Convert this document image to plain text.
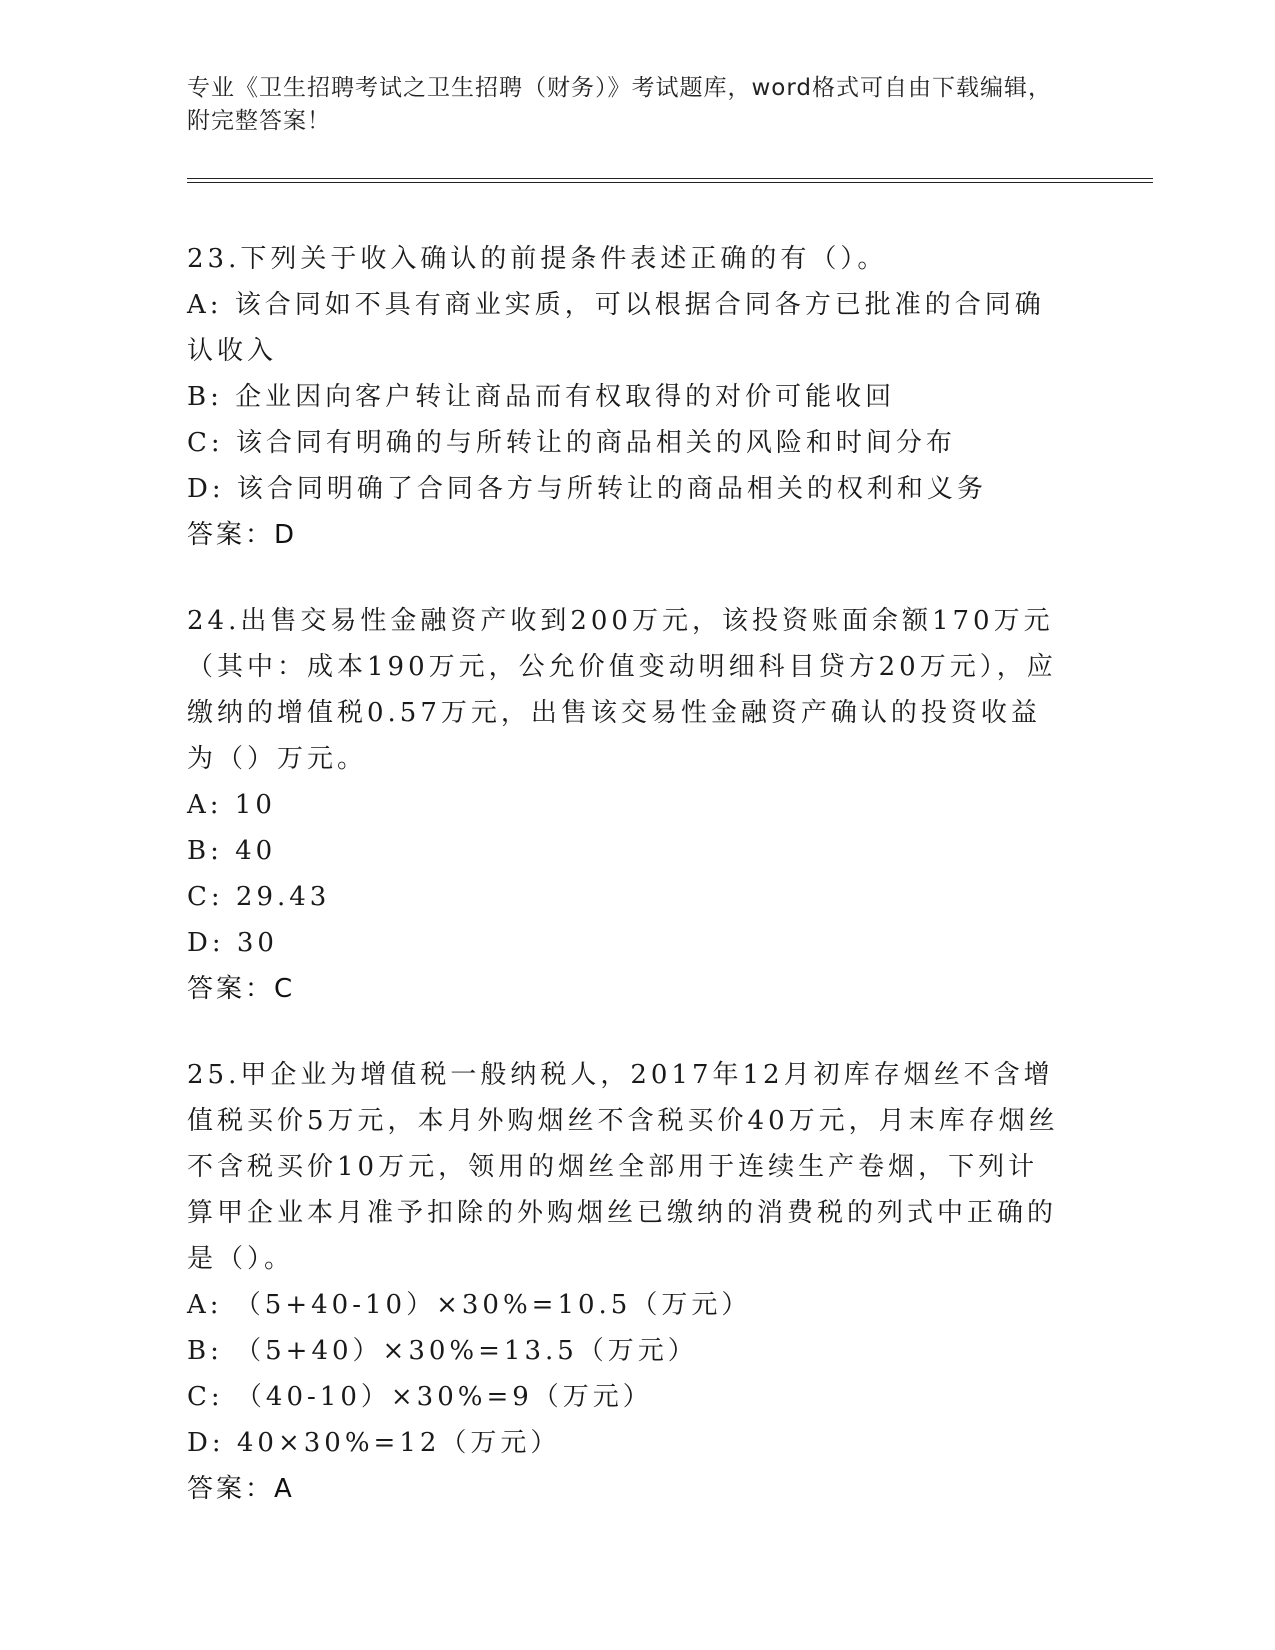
专业《卫生招聘考试之卫生招聘（财务）》考试题库，word格式可自由下载编辑，附完整答案！

23.下列关于收入确认的前提条件表述正确的有（）。

A: 该合同如不具有商业实质，可以根据合同各方已批准的合同确认收入

B: 企业因向客户转让商品而有权取得的对价可能收回

C: 该合同有明确的与所转让的商品相关的风险和时间分布

D: 该合同明确了合同各方与所转让的商品相关的权利和义务

答案：D

24.出售交易性金融资产收到200万元，该投资账面余额170万元（其中：成本190万元，公允价值变动明细科目贷方20万元），应缴纳的增值税0.57万元，出售该交易性金融资产确认的投资收益为（）万元。

A: 10

B: 40

C: 29.43

D: 30

答案：C

25.甲企业为增值税一般纳税人，2017年12月初库存烟丝不含增值税买价5万元，本月外购烟丝不含税买价40万元，月末库存烟丝不含税买价10万元，领用的烟丝全部用于连续生产卷烟，下列计算甲企业本月准予扣除的外购烟丝已缴纳的消费税的列式中正确的是（）。

A: （5+40-10）×30%=10.5（万元）

B: （5+40）×30%=13.5（万元）

C: （40-10）×30%=9（万元）

D: 40×30%=12（万元）

答案：A
